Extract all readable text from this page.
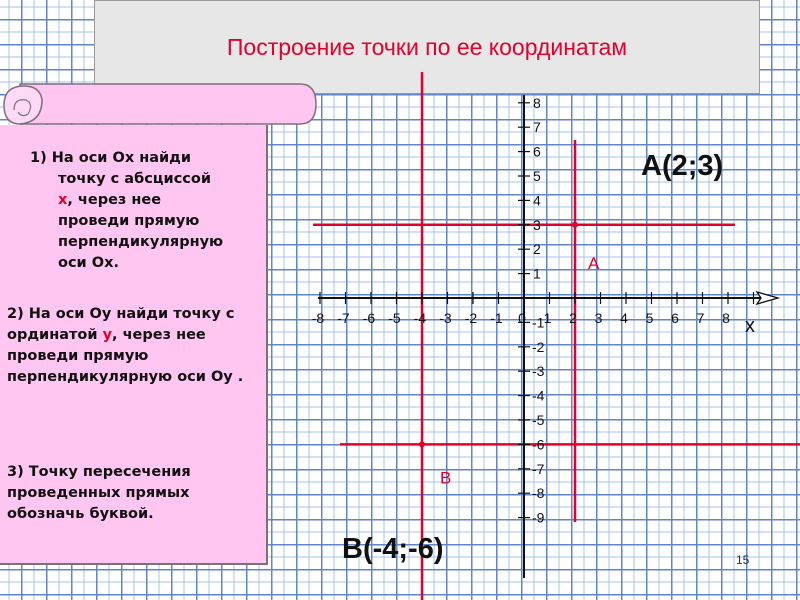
Построение точки по ее координатам
1) На оси Ох найди
точку с абсциссой
х, через нее
проведи прямую
перпендикулярную
оси Ох.
2) На оси Оу найди точку с ординатой у, через нее проведи прямую перпендикулярную оси Оу .
3) Точку пересечения проведенных прямых обозначь буквой.
-8 -7 -6 -5 -4 -3 -2 -1 0 1 2 3 4 5 6 7 8
8
7
6
5
4
3
2
1
-1
-2
-3
-4
-5
-6
-7
-8
-9
A
B
х
A(2;3)
B(-4;-6)	15
